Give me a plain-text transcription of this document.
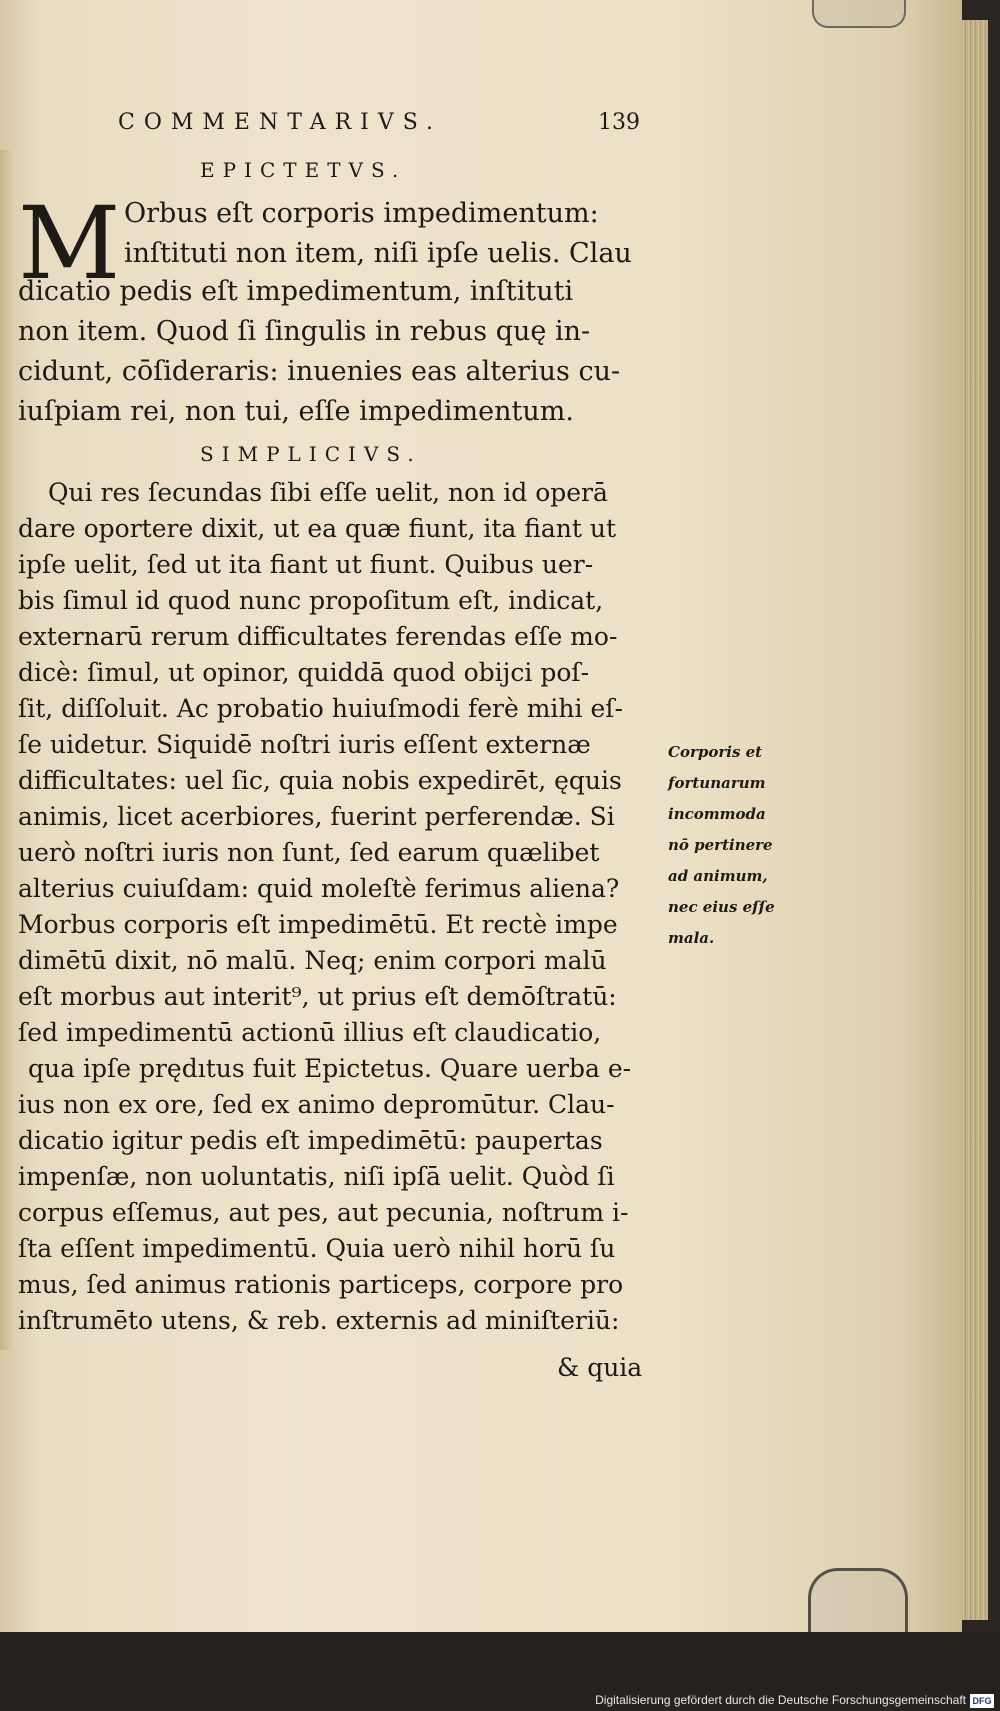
COMMENTARIVS.	139
EPICTETVS.
M Orbus eſt corporis impedimentum:
inſtituti non item, niſi ipſe uelis. Clau
dicatio pedis eſt impedimentum, inſtituti
non item. Quod ſi ſingulis in rebus quę in-
cidunt, cōſideraris: inuenies eas alterius cu-
iuſpiam rei, non tui, eſſe impedimentum.
SIMPLICIVS.
Qui res ſecundas ſibi eſſe uelit, non id operā
dare oportere dixit, ut ea quæ fiunt, ita fiant ut
ipſe uelit, ſed ut ita fiant ut fiunt. Quibus uer-
bis ſimul id quod nunc propoſitum eſt, indicat,
externarū rerum difficultates ferendas eſſe mo-
dicè: ſimul, ut opinor, quiddā quod obijci poſ-
ſit, diſſoluit. Ac probatio huiuſmodi ferè mihi eſ-
ſe uidetur. Siquidē noſtri iuris eſſent externæ
difficultates: uel ſic, quia nobis expedirēt, ęquis
animis, licet acerbiores, fuerint perferendæ. Si
uerò noſtri iuris non ſunt, ſed earum quælibet
alterius cuiuſdam: quid moleſtè ferimus aliena?
Morbus corporis eſt impedimētū. Et rectè impe
dimētū dixit, nō malū. Neq; enim corpori malū
eſt morbus aut interit⁹, ut prius eſt demōſtratū:
ſed impedimentū actionū illius eſt claudicatio,
qua ipſe prędıtus fuit Epictetus. Quare uerba e-
ius non ex ore, ſed ex animo depromūtur. Clau-
dicatio igitur pedis eſt impedimētū: paupertas
impenſæ, non uoluntatis, niſi ipſā uelit. Quòd ſi
corpus eſſemus, aut pes, aut pecunia, noſtrum i-
ſta eſſent impedimentū. Quia uerò nihil horū ſu
mus, ſed animus rationis particeps, corpore pro
inſtrumēto utens, & reb. externis ad miniſteriū:
& quia
Corporis et
fortunarum
incommoda
nō pertinere
ad animum,
nec eius eſſe
mala.
Digitalisierung gefördert durch die Deutsche Forschungsgemeinschaft DFG
